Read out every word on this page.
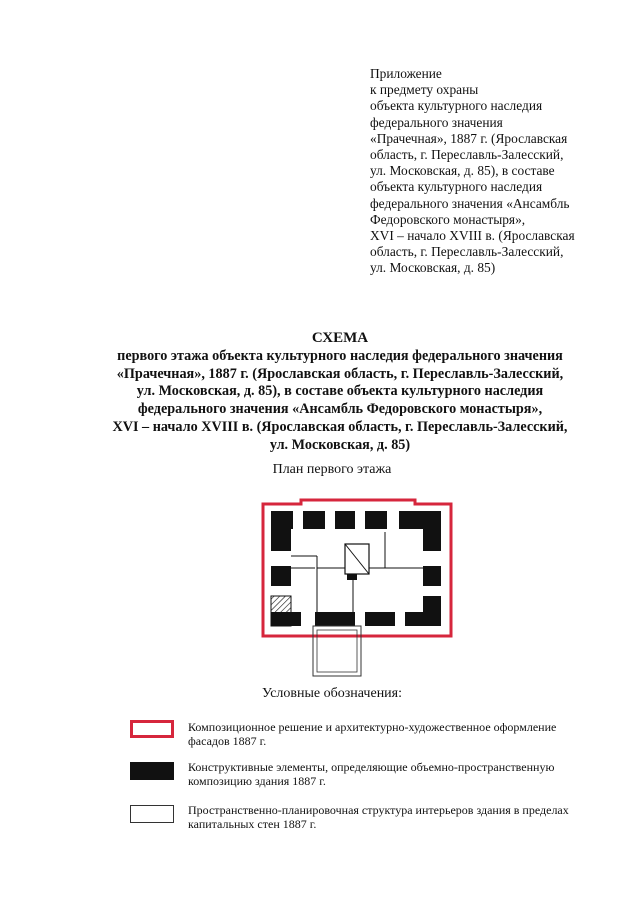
Приложение
к предмету охраны
объекта культурного наследия
федерального значения
«Прачечная», 1887 г. (Ярославская
область, г. Переславль-Залесский,
ул. Московская, д. 85), в составе
объекта культурного наследия
федерального значения «Ансамбль
Федоровского монастыря»,
XVI – начало XVIII в. (Ярославская
область, г. Переславль-Залесский,
ул. Московская, д. 85)
СХЕМА
первого этажа объекта культурного наследия федерального значения
«Прачечная», 1887 г. (Ярославская область, г. Переславль-Залесский,
ул. Московская, д. 85), в составе объекта культурного наследия
федерального значения «Ансамбль Федоровского монастыря»,
XVI – начало XVIII в. (Ярославская область, г. Переславль-Залесский,
ул. Московская, д. 85)
План первого этажа
Условные обозначения:
Композиционное решение и архитектурно-художественное оформление
фасадов 1887 г.
Конструктивные элементы, определяющие объемно-пространственную
композицию здания 1887 г.
Пространственно-планировочная структура интерьеров здания в пределах
капитальных стен 1887 г.
